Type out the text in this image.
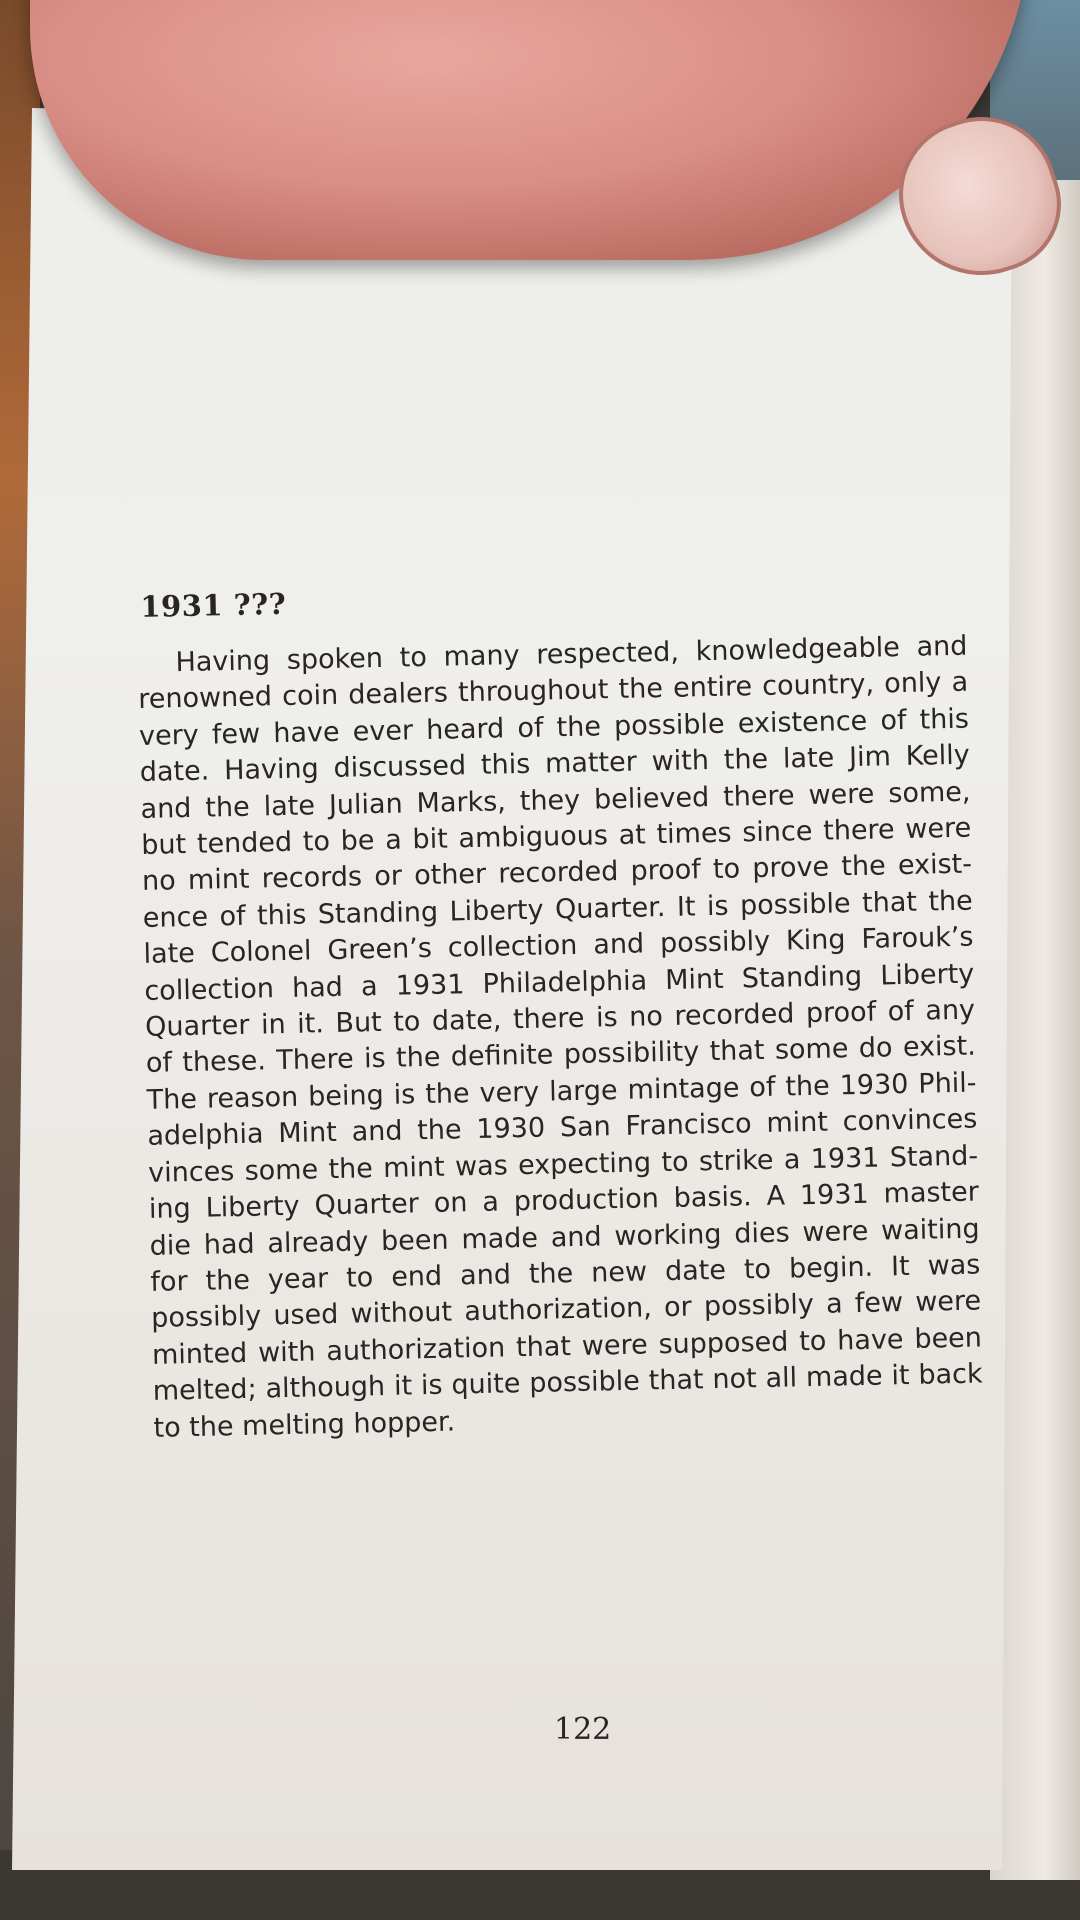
1931 ???
Having spoken to many respected, knowledgeable and
renowned coin dealers throughout the entire country, only a
very few have ever heard of the possible existence of this
date. Having discussed this matter with the late Jim Kelly
and the late Julian Marks, they believed there were some,
but tended to be a bit ambiguous at times since there were
no mint records or other recorded proof to prove the exist-
ence of this Standing Liberty Quarter. It is possible that the
late Colonel Green’s collection and possibly King Farouk’s
collection had a 1931 Philadelphia Mint Standing Liberty
Quarter in it. But to date, there is no recorded proof of any
of these. There is the definite possibility that some do exist.
The reason being is the very large mintage of the 1930 Phil-
adelphia Mint and the 1930 San Francisco mint convinces
vinces some the mint was expecting to strike a 1931 Stand-
ing Liberty Quarter on a production basis. A 1931 master
die had already been made and working dies were waiting
for the year to end and the new date to begin. It was
possibly used without authorization, or possibly a few were
minted with authorization that were supposed to have been
melted; although it is quite possible that not all made it back
to the melting hopper.
122
